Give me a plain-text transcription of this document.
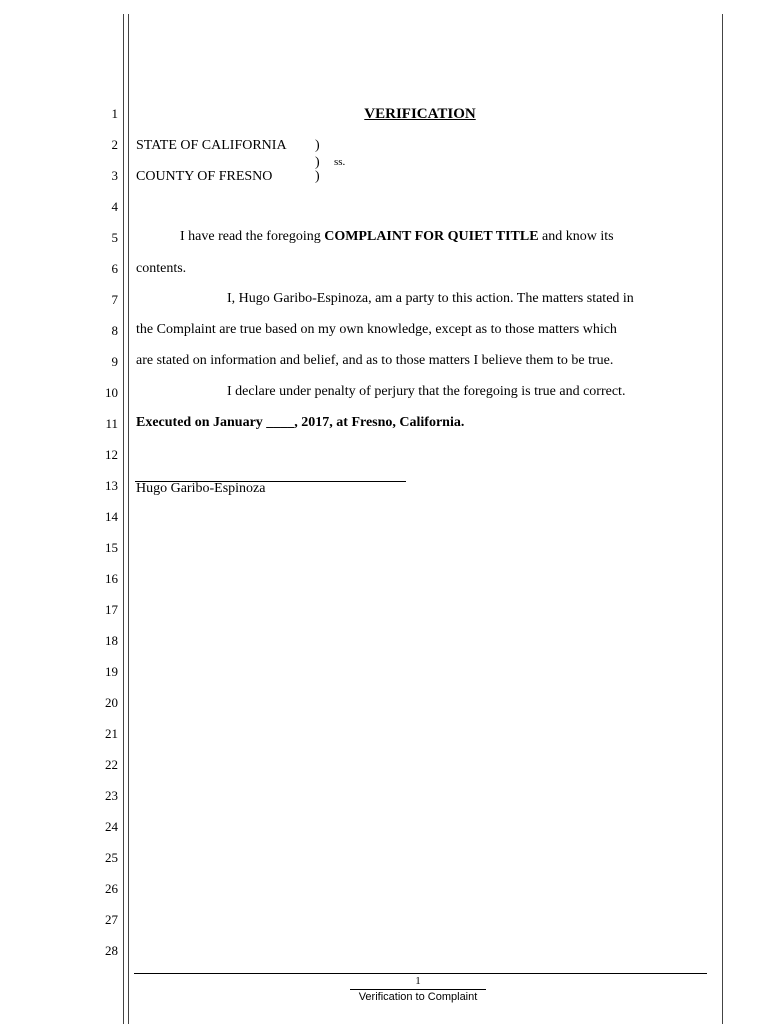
1
2
3
4
5
6
7
8
9
10
11
12
13
14
15
16
17
18
19
20
21
22
23
24
25
26
27
28
VERIFICATION
STATE OF CALIFORNIA )
) ss.
COUNTY OF FRESNO	)
I have read the foregoing COMPLAINT FOR QUIET TITLE and know its
contents.
I, Hugo Garibo-Espinoza, am a party to this action. The matters stated in
the Complaint are true based on my own knowledge, except as to those matters which
are stated on information and belief, and as to those matters I believe them to be true.
I declare under penalty of perjury that the foregoing is true and correct.
Executed on January ____, 2017, at Fresno, California.
Hugo Garibo-Espinoza
1
Verification to Complaint
